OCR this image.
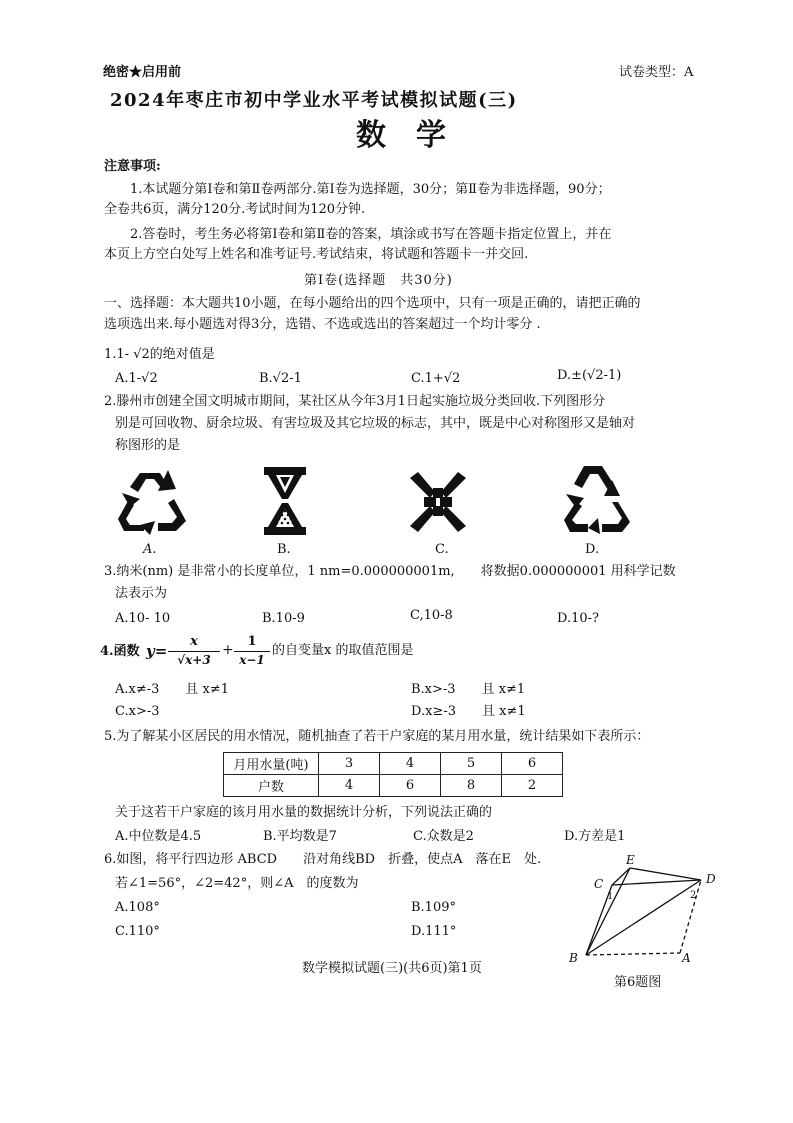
绝密★启用前	试卷类型：A
2024年枣庄市初中学业水平考试模拟试题(三)
数　学
注意事项:
1.本试题分第Ⅰ卷和第Ⅱ卷两部分.第Ⅰ卷为选择题，30分；第Ⅱ卷为非选择题，90分；
全卷共6页，满分120分.考试时间为120分钟.
2.答卷时，考生务必将第Ⅰ卷和第Ⅱ卷的答案，填涂或书写在答题卡指定位置上，并在
本页上方空白处写上姓名和准考证号.考试结束，将试题和答题卡一并交回.
第Ⅰ卷(选择题　共30分)
一、选择题：本大题共10小题，在每小题给出的四个选项中，只有一项是正确的，请把正确的
选项选出来.每小题选对得3分，选错、不选或选出的答案超过一个均计零分 .
1.1- √2的绝对值是
A.1-√2	B.√2-1	C.1+√2	D.±(√2-1)
2.滕州市创建全国文明城市期间，某社区从今年3月1日起实施垃圾分类回收.下列图形分
别是可回收物、厨余垃圾、有害垃圾及其它垃圾的标志，其中，既是中心对称图形又是轴对
称图形的是
A.	B.	C.	D.
3.纳米(nm) 是非常小的长度单位，1 nm=0.000000001m,　　将数据0.000000001 用科学记数
法表示为
A.10- 10	B.10-9	C,10-8	D.10-?
4.函数 y=
x
√x+3
+
1
x−1
的自变量x 的取值范围是
A.x≠-3　　且 x≠1	B.x>-3　　且 x≠1
C.x>-3	D.x≥-3　　且 x≠1
5.为了解某小区居民的用水情况，随机抽查了若干户家庭的某月用水量，统计结果如下表所示：
月用水量(吨)	3	4	5	6
户数	4	6	8	2
关于这若干户家庭的该月用水量的数据统计分析，下列说法正确的
A.中位数是4.5	B.平均数是7	C.众数是2	D.方差是1
6.如图，将平行四边形 ABCD　　沿对角线BD　折叠，使点A　落在E　处.
若∠1=56°，∠2=42°，则∠A　的度数为
A.108°	B.109°
C.110°	D.111°
E
C	D
1	2
B	A
第6题图
数学模拟试题(三)(共6页)第1页
